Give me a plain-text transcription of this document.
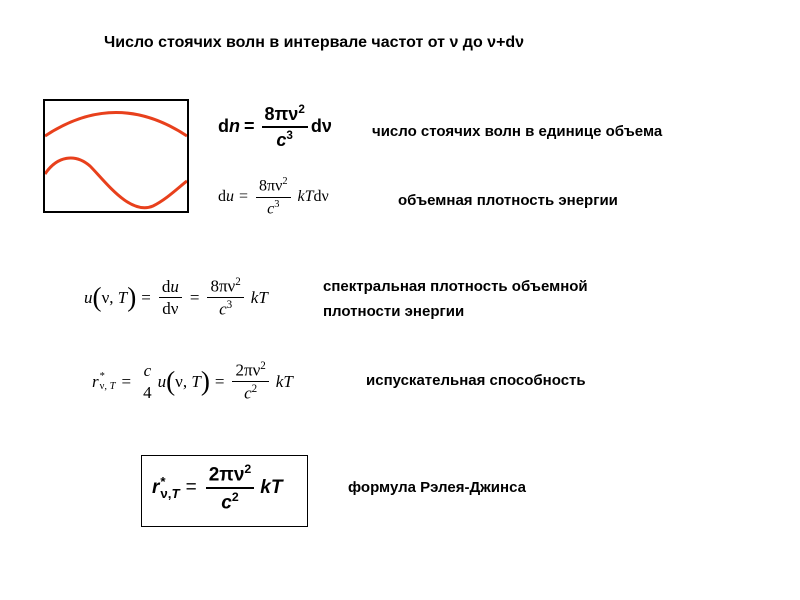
Число стоячих волн в интервале частот от ν до ν+dν
dn = $\frac{8\pi\nu^2}{c^3}$ dν	число стоячих волн в единице объема
du = $\frac{8\pi\nu^2}{c^3}$ kT dν	объемная плотность энергии
u ( ν, T ) = $\frac{du}{d\nu} = \frac{8\pi\nu^2}{c^3}$ kT
спектральная плотность объемной
плотности энергии
r *
ν, T =
c
4
u ( ν, T ) = $\frac{2\pi\nu^2}{c^2}$ kT	испускательная способность
r *
$\nu,T = \frac{2\pi\nu^2}{c^2}$ kT	формула Рэлея-Джинса
